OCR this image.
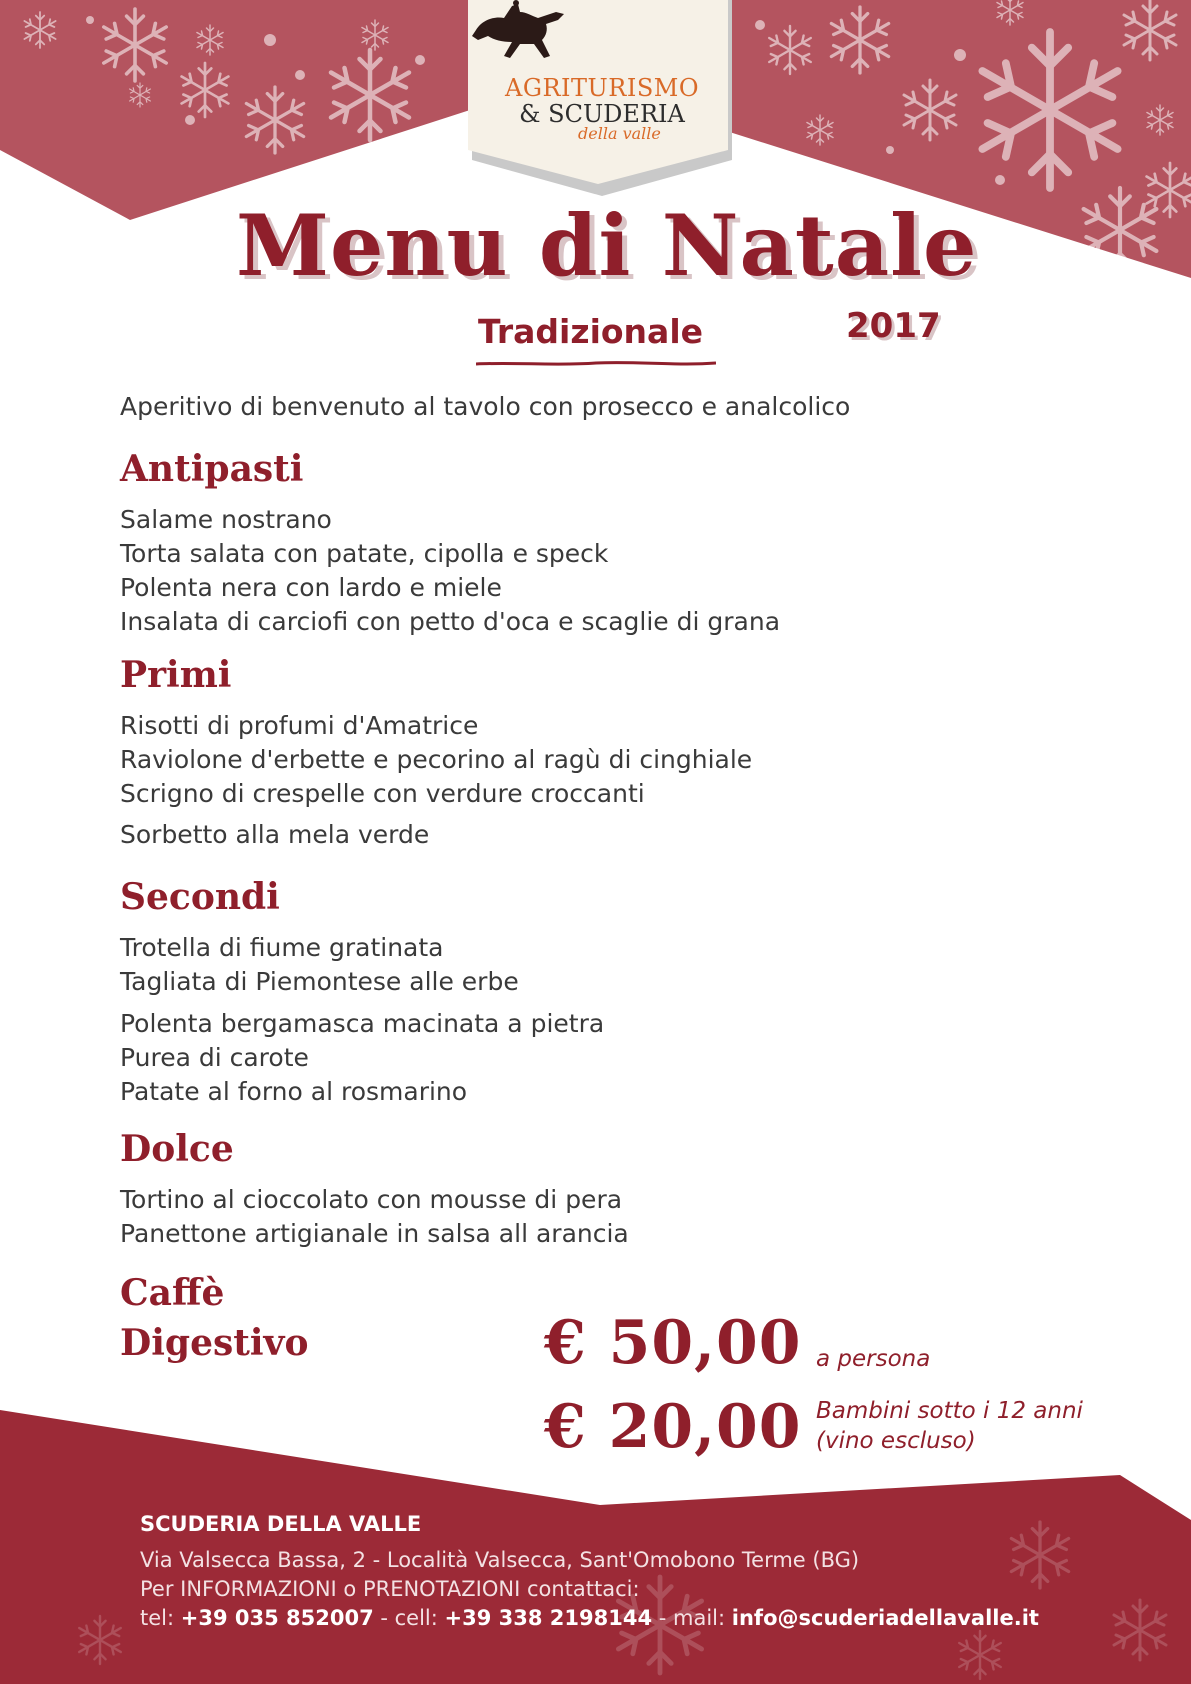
AGRITURISMO
& SCUDERIA
della valle
Menu di Natale
Tradizionale	2017
Aperitivo di benvenuto al tavolo con prosecco e analcolico
Antipasti
Salame nostrano
Torta salata con patate, cipolla e speck
Polenta nera con lardo e miele
Insalata di carciofi con petto d'oca e scaglie di grana
Primi
Risotti di profumi d'Amatrice
Raviolone d'erbette e pecorino al ragù di cinghiale
Scrigno di crespelle con verdure croccanti
Sorbetto alla mela verde
Secondi
Trotella di fiume gratinata
Tagliata di Piemontese alle erbe
Polenta bergamasca macinata a pietra
Purea di carote
Patate al forno al rosmarino
Dolce
Tortino al cioccolato con mousse di pera
Panettone artigianale in salsa all arancia
Caffè
Digestivo	€ 50,00 a persona
€ 20,00 Bambini sotto i 12 anni
(vino escluso)
SCUDERIA DELLA VALLE
Via Valsecca Bassa, 2 - Località Valsecca, Sant'Omobono Terme (BG)
Per INFORMAZIONI o PRENOTAZIONI contattaci:
tel: +39 035 852007 - cell: +39 338 2198144 - mail: info@scuderiadellavalle.it
